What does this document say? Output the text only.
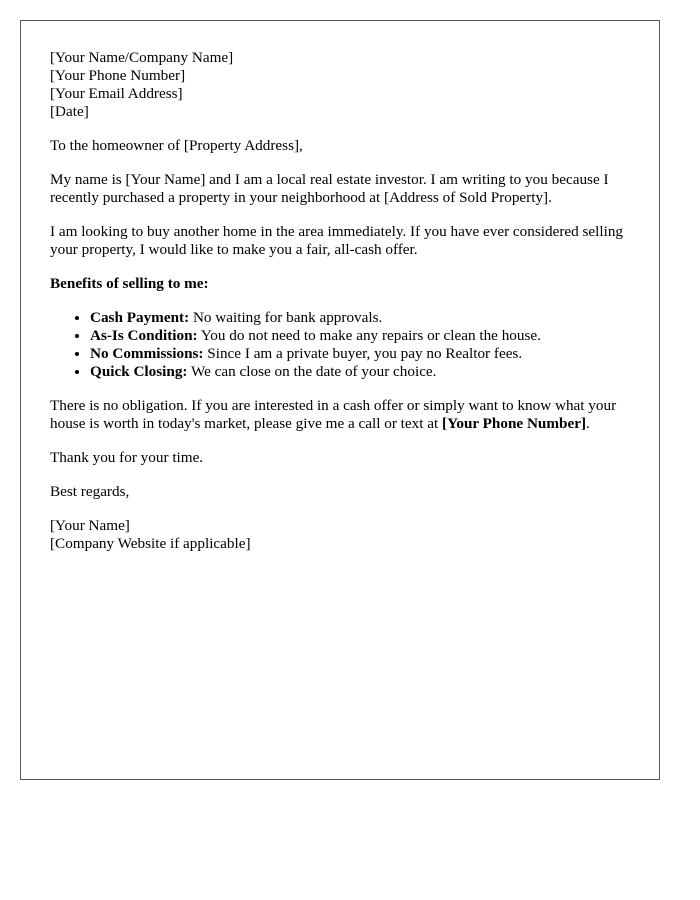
[Your Name/Company Name]
[Your Phone Number]
[Your Email Address]
[Date]

To the homeowner of [Property Address],

My name is [Your Name] and I am a local real estate investor. I am writing to you because I recently purchased a property in your neighborhood at [Address of Sold Property].

I am looking to buy another home in the area immediately. If you have ever considered selling your property, I would like to make you a fair, all-cash offer.

Benefits of selling to me:

• Cash Payment: No waiting for bank approvals.
• As-Is Condition: You do not need to make any repairs or clean the house.
• No Commissions: Since I am a private buyer, you pay no Realtor fees.
• Quick Closing: We can close on the date of your choice.

There is no obligation. If you are interested in a cash offer or simply want to know what your house is worth in today's market, please give me a call or text at [Your Phone Number].

Thank you for your time.

Best regards,

[Your Name]
[Company Website if applicable]
